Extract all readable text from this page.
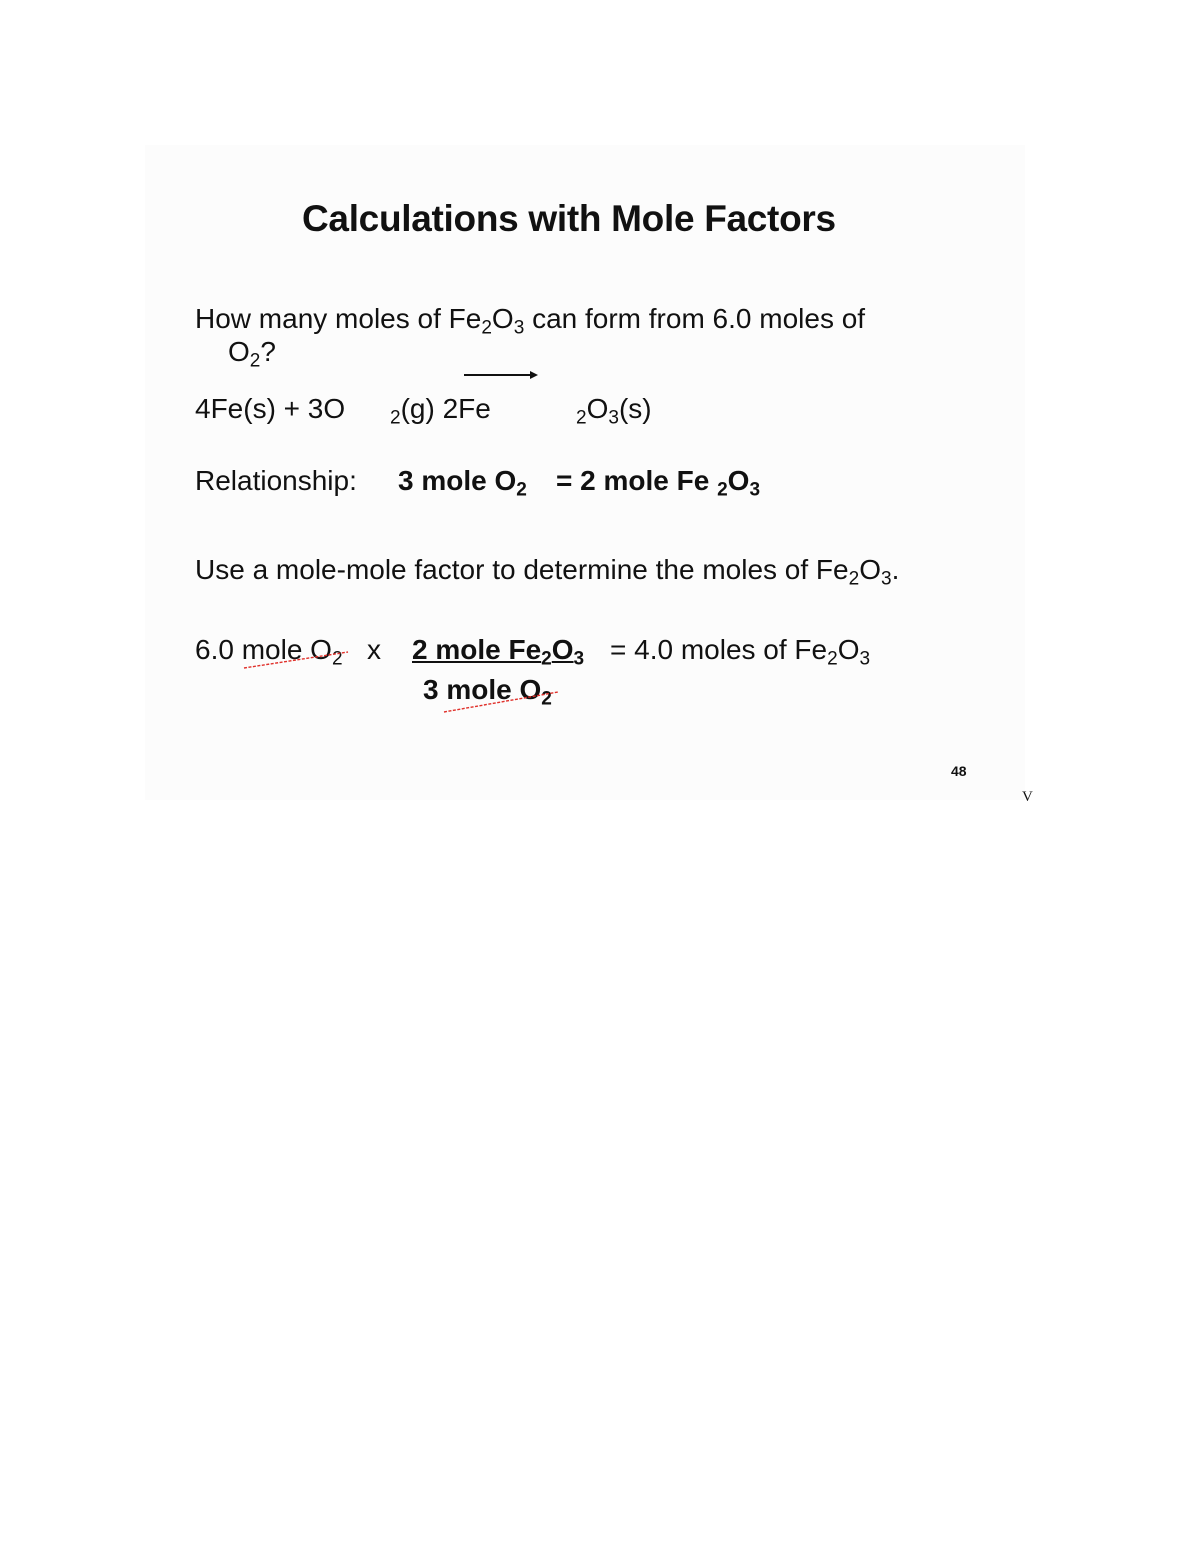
Calculations with Mole Factors
How many moles of $Fe_2O_3$ can form from 6.0 moles of
$O_2$?
4Fe(s) + 3O $_2$(g) 2Fe	$_2O_3(s)$
Relationship: 3 mole $O_2 = 2$ mole Fe $_2O_3$
Use a mole-mole factor to determine the moles of $Fe_2O_3$.
6.0 mole $O_2$ x 2 mole $Fe_2O_3 = 4.0$ moles of $Fe_2O_3$
3 mole $O_2$
48
V
